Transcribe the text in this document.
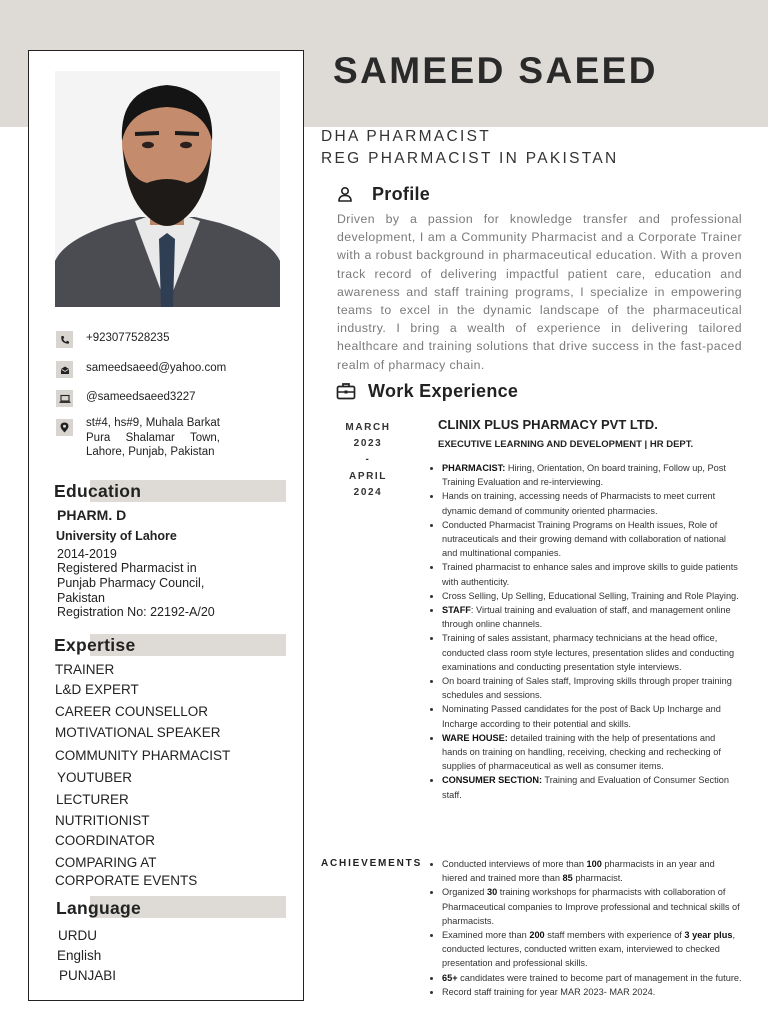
+923077528235
sameedsaeed@yahoo.com
@sameedsaeed3227
st#4, hs#9, Muhala Barkat Pura Shalamar Town, Lahore, Punjab, Pakistan
Education
PHARM. D
University of Lahore
2014-2019
Registered Pharmacist in
Punjab Pharmacy Council,
Pakistan
Registration No: 22192-A/20
Expertise
TRAINER
L&D EXPERT
CAREER COUNSELLOR
MOTIVATIONAL SPEAKER
COMMUNITY PHARMACIST
YOUTUBER
LECTURER
NUTRITIONIST
COORDINATOR
COMPARING AT
CORPORATE EVENTS
Language
URDU
English
PUNJABI
SAMEED SAEED
DHA PHARMACIST
REG PHARMACIST IN PAKISTAN
Profile
Driven by a passion for knowledge transfer and professional development, I am a Community Pharmacist and a Corporate Trainer with a robust background in pharmaceutical education. With a proven track record of delivering impactful patient care, education and awareness and staff training programs, I specialize in empowering teams to excel in the dynamic landscape of the pharmaceutical industry. I bring a wealth of experience in delivering tailored healthcare and training solutions that drive success in the fast-paced realm of pharmacy chain.
Work Experience
MARCH
2023
-
APRIL
2024
CLINIX PLUS PHARMACY PVT LTD.
EXECUTIVE LEARNING AND DEVELOPMENT | HR DEPT.
• PHARMACIST: Hiring, Orientation, On board training, Follow up, Post Training Evaluation and re-interviewing.
• Hands on training, accessing needs of Pharmacists to meet current dynamic demand of community oriented pharmacies.
• Conducted Pharmacist Training Programs on Health issues, Role of nutraceuticals and their growing demand with collaboration of national and multinational companies.
• Trained pharmacist to enhance sales and improve skills to guide patients with authenticity.
• Cross Selling, Up Selling, Educational Selling, Training and Role Playing.
• STAFF: Virtual training and evaluation of staff, and management online through online channels.
• Training of sales assistant, pharmacy technicians at the head office, conducted class room style lectures, presentation slides and conducting examinations and conducting presentation style interviews.
• On board training of Sales staff, Improving skills through proper training schedules and sessions.
• Nominating Passed candidates for the post of Back Up Incharge and Incharge according to their potential and skills.
• WARE HOUSE: detailed training with the help of presentations and hands on training on handling, receiving, checking and rechecking of supplies of pharmaceutical as well as consumer items.
• CONSUMER SECTION: Training and Evaluation of Consumer Section staff.
ACHIEVEMENTS
• Conducted interviews of more than 100 pharmacists in an year and hiered and trained more than 85 pharmacist.
• Organized 30 training workshops for pharmacists with collaboration of Pharmaceutical companies to Improve professional and technical skills of pharmacists.
• Examined more than 200 staff members with experience of 3 year plus, conducted lectures, conducted written exam, interviewed to checked presentation and professional skills.
• 65+ candidates were trained to become part of management in the future.
• Record staff training for year MAR 2023- MAR 2024.
